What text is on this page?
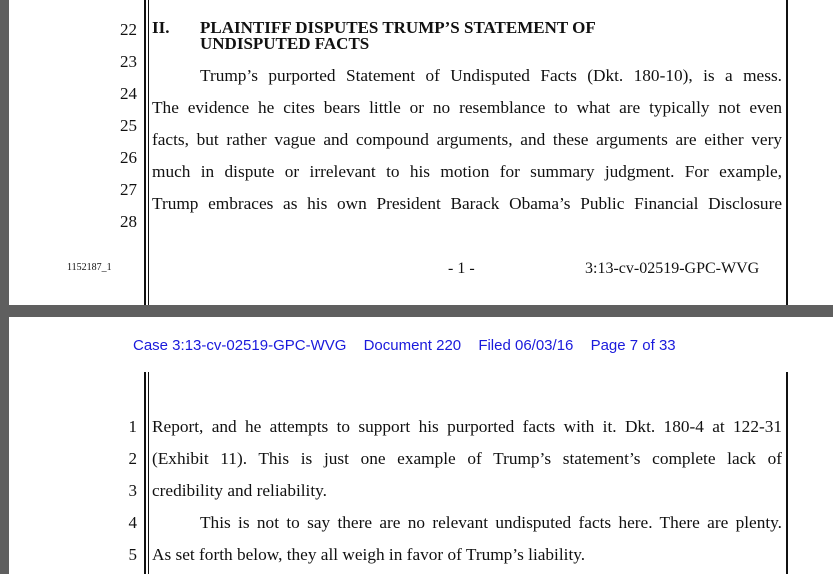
22
23
24
25
26
27
28
II. PLAINTIFF DISPUTES TRUMP’S STATEMENT OF
UNDISPUTED FACTS
Trump’s purported Statement of Undisputed Facts (Dkt. 180-10), is a mess.
The evidence he cites bears little or no resemblance to what are typically not even
facts, but rather vague and compound arguments, and these arguments are either very
much in dispute or irrelevant to his motion for summary judgment. For example,
Trump embraces as his own President Barack Obama’s Public Financial Disclosure
1152187_1	- 1 -	3:13-cv-02519-GPC-WVG
Case 3:13-cv-02519-GPC-WVG Document 220 Filed 06/03/16 Page 7 of 33
1
2
3
4
5
Report, and he attempts to support his purported facts with it. Dkt. 180-4 at 122-31
(Exhibit 11). This is just one example of Trump’s statement’s complete lack of
credibility and reliability.
This is not to say there are no relevant undisputed facts here. There are plenty.
As set forth below, they all weigh in favor of Trump’s liability.
